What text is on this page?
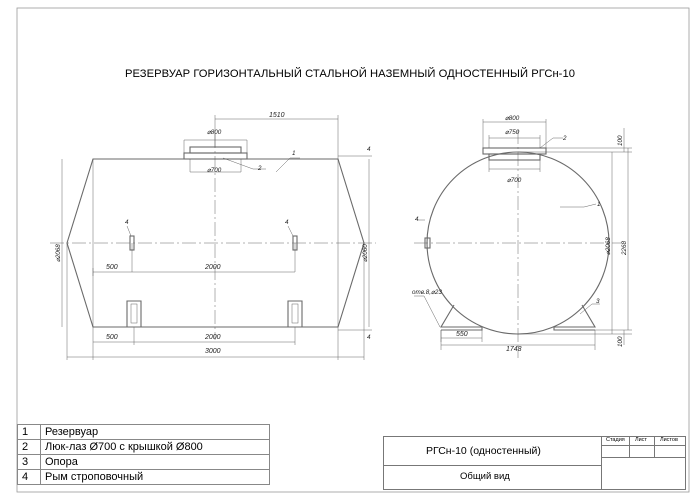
⌀800
1510
⌀700	2
1
4	4
4
4
500	2000
500	2000
3000
⌀2068	⌀2060
⌀800
⌀750
⌀700
2
1
4
3
отв.8,⌀23
550
1748
100
⌀2068 2268
100
РЕЗЕРВУАР ГОРИЗОНТАЛЬНЫЙ СТАЛЬНОЙ НАЗЕМНЫЙ ОДНОСТЕННЫЙ РГСн-10
1	Резервуар
2	Люк-лаз Ø700 с крышкой Ø800
3	Опора
4	Рым строповочный
РГСн-10 (одностенный)
Общий вид
Стадия Лист Листов
